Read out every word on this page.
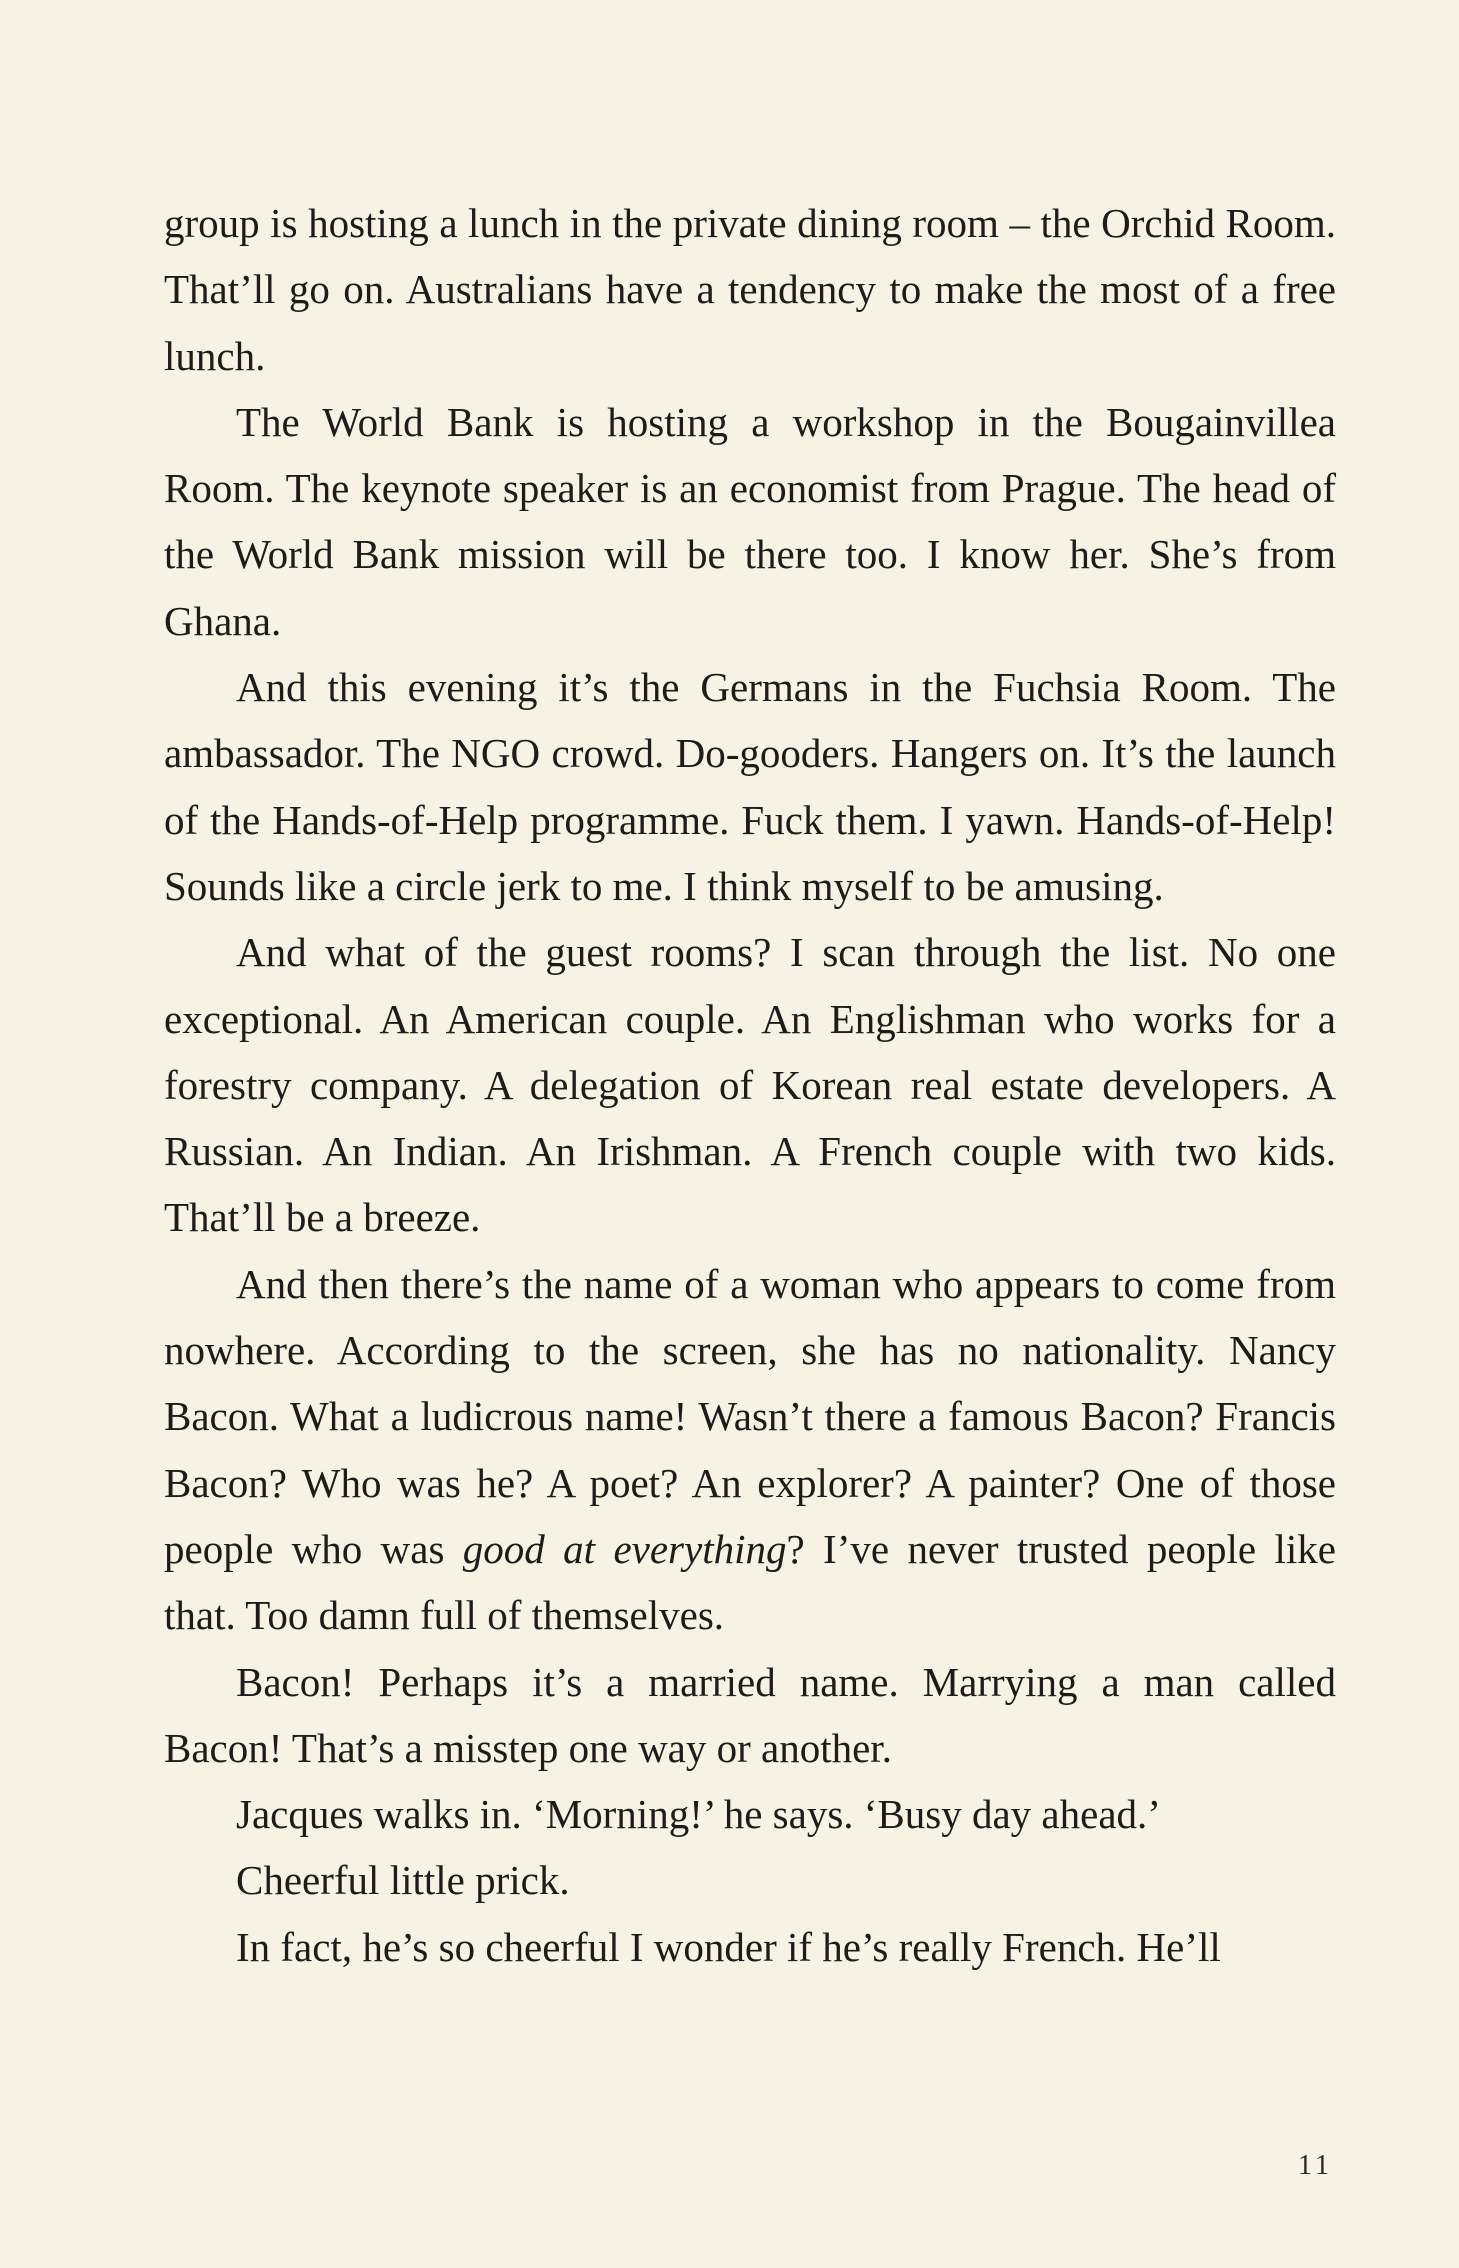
group is hosting a lunch in the private dining room – the Orchid Room. That’ll go on. Australians have a tendency to make the most of a free lunch.

The World Bank is hosting a workshop in the Bougainvillea Room. The keynote speaker is an economist from Prague. The head of the World Bank mission will be there too. I know her. She’s from Ghana.

And this evening it’s the Germans in the Fuchsia Room. The ambassador. The NGO crowd. Do-gooders. Hangers on. It’s the launch of the Hands-of-Help programme. Fuck them. I yawn. Hands-of-Help! Sounds like a circle jerk to me. I think myself to be amusing.

And what of the guest rooms? I scan through the list. No one exceptional. An American couple. An Englishman who works for a forestry company. A delegation of Korean real estate developers. A Russian. An Indian. An Irishman. A French couple with two kids. That’ll be a breeze.

And then there’s the name of a woman who appears to come from nowhere. According to the screen, she has no nationality. Nancy Bacon. What a ludicrous name! Wasn’t there a famous Bacon? Francis Bacon? Who was he? A poet? An explorer? A painter? One of those people who was good at everything? I’ve never trusted people like that. Too damn full of themselves.

Bacon! Perhaps it’s a married name. Marrying a man called Bacon! That’s a misstep one way or another.

Jacques walks in. ‘Morning!’ he says. ‘Busy day ahead.’

Cheerful little prick.

In fact, he’s so cheerful I wonder if he’s really French. He’ll

11
